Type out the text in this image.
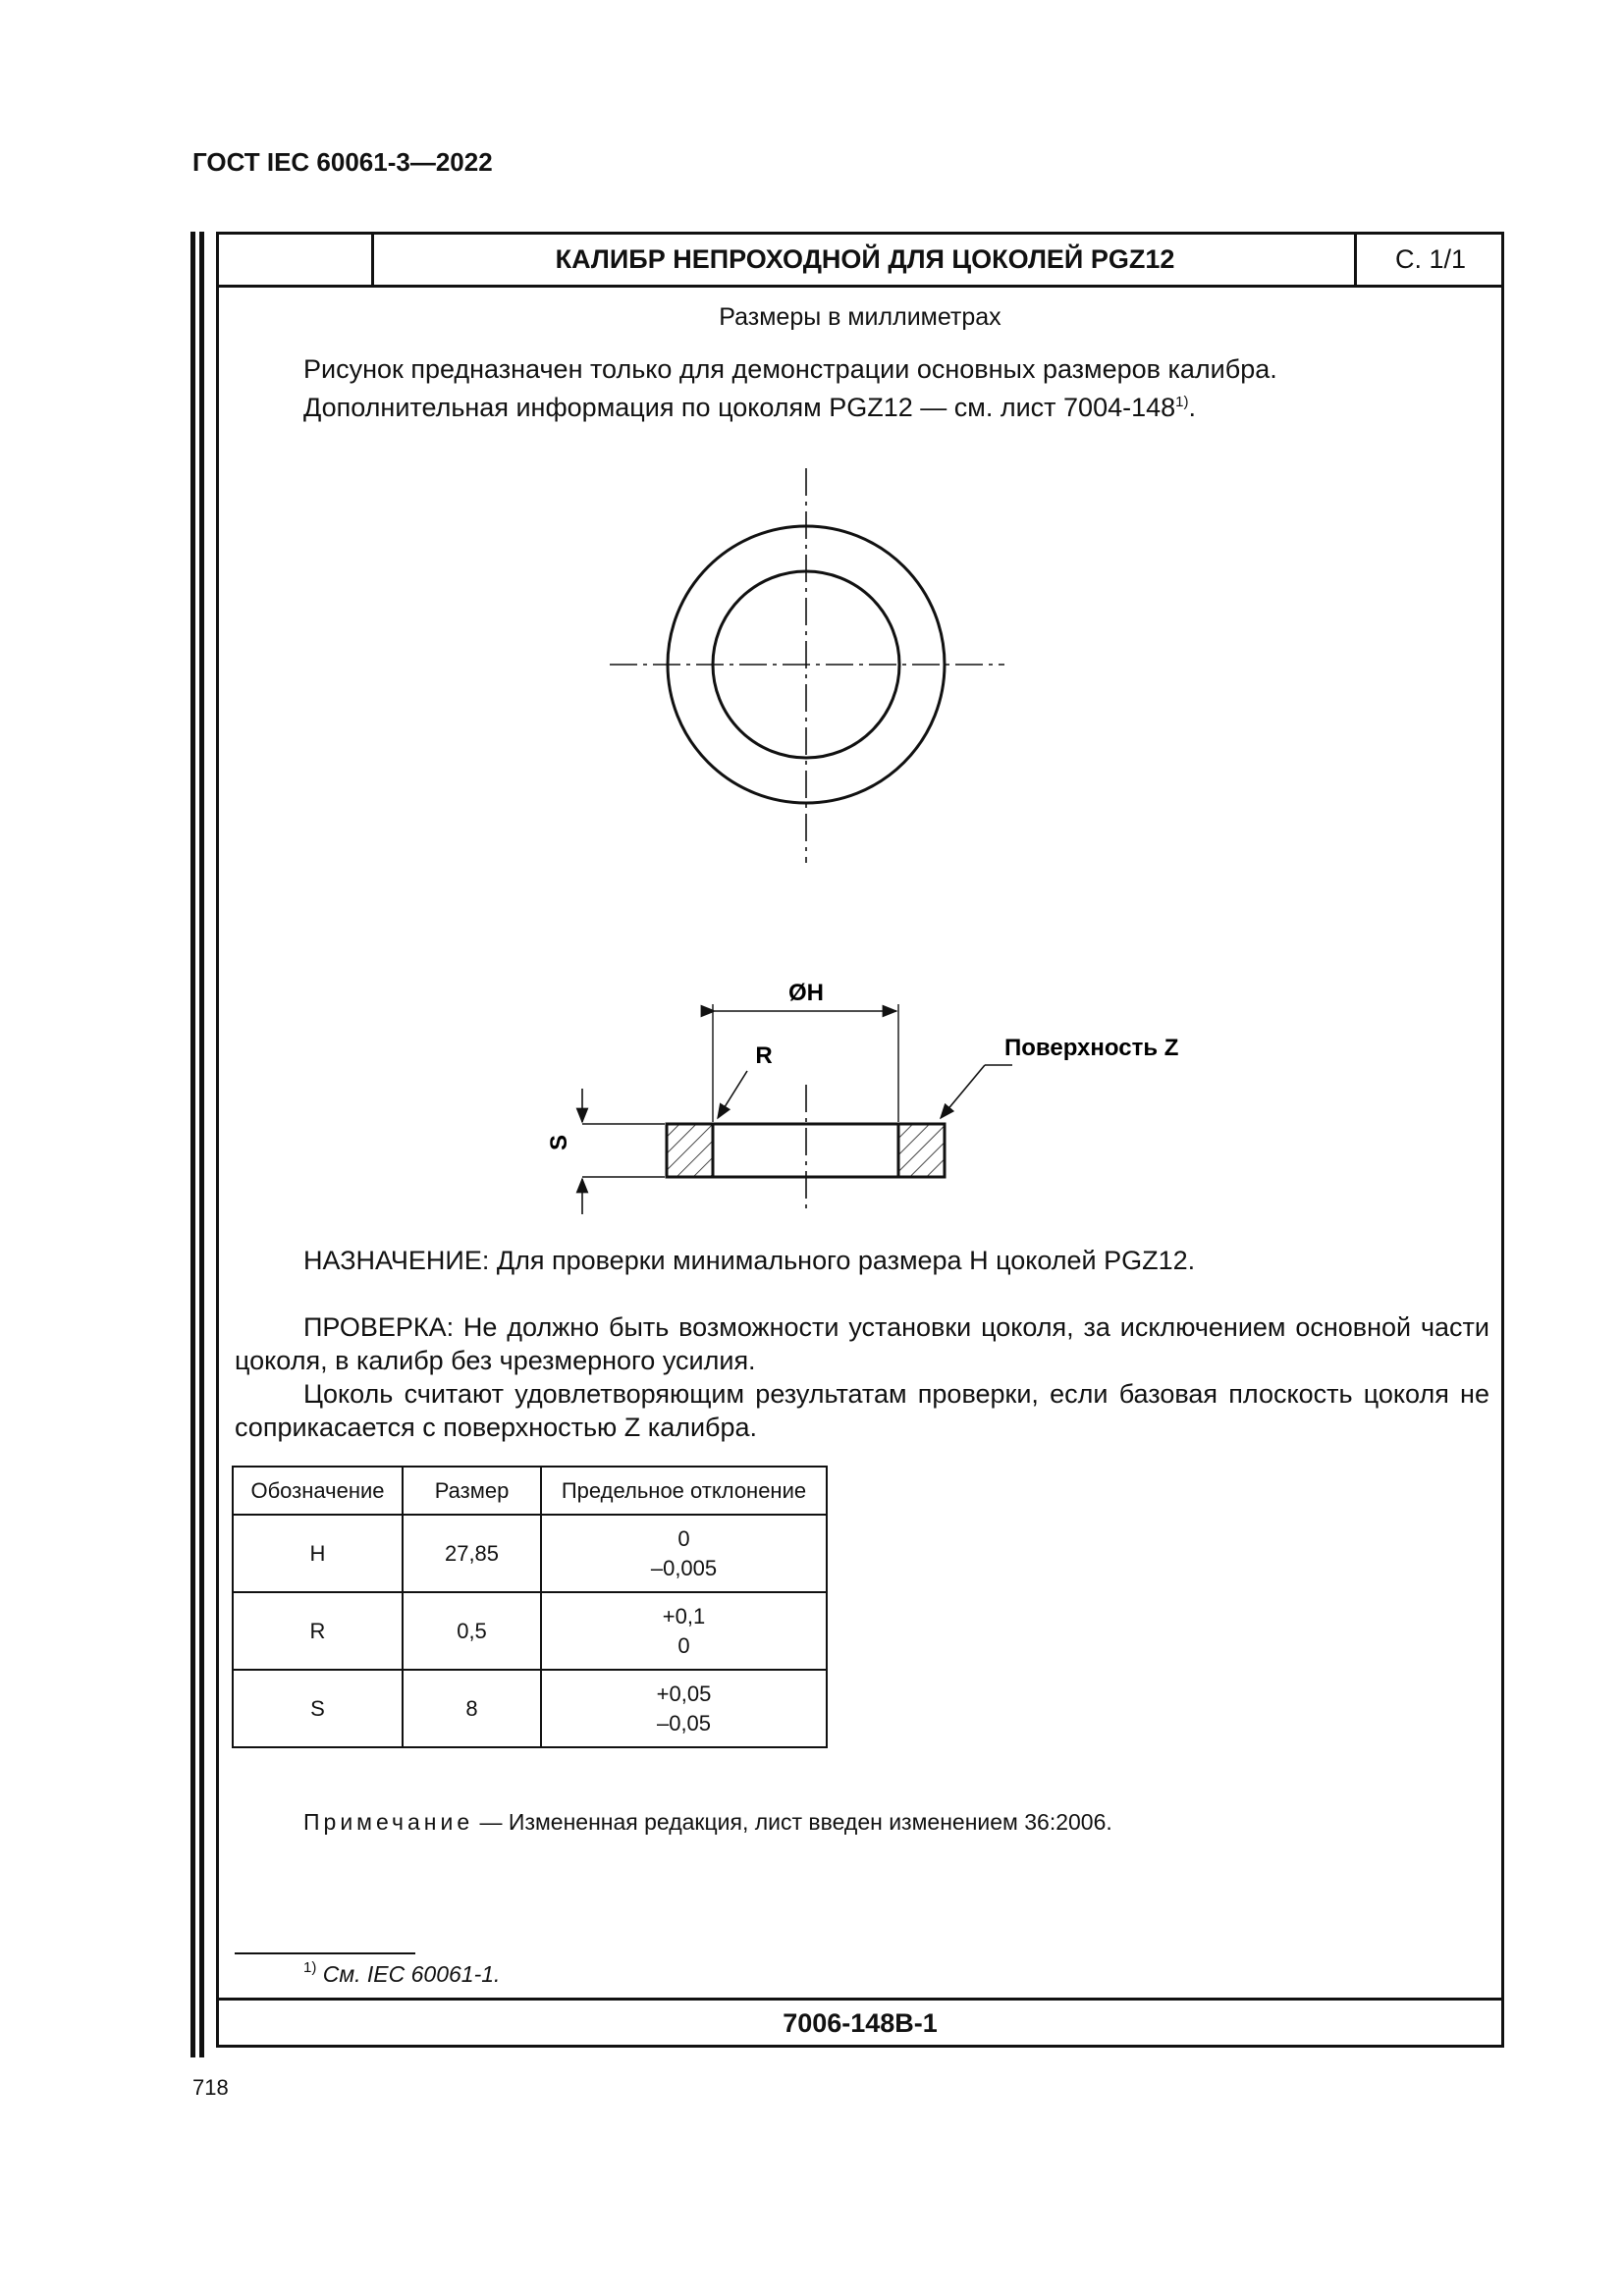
ГОСТ IEC 60061-3—2022
КАЛИБР НЕПРОХОДНОЙ ДЛЯ ЦОКОЛЕЙ PGZ12	С. 1/1
Размеры в миллиметрах
Рисунок предназначен только для демонстрации основных размеров калибра.
Дополнительная информация по цоколям PGZ12 — см. лист 7004-148$^{1)}$.
ØH
R	Поверхность Z
S
НАЗНАЧЕНИЕ: Для проверки минимального размера H цоколей PGZ12.
ПРОВЕРКА: Не должно быть возможности установки цоколя, за исключением основной части цоколя, в калибр без чрезмерного усилия.
Цоколь считают удовлетворяющим результатам проверки, если базовая плоскость цоколя не соприкасается с поверхностью Z калибра.
Примечание — Измененная редакция, лист введен изменением 36:2006.
$^{1)}$ См. IEC 60061-1.
7006-148B-1
Обозначение	Размер	Предельное отклонение
H	27,85	0
–0,005

R	0,5	+0,1
0

S	8	+0,05
–0,05
718
